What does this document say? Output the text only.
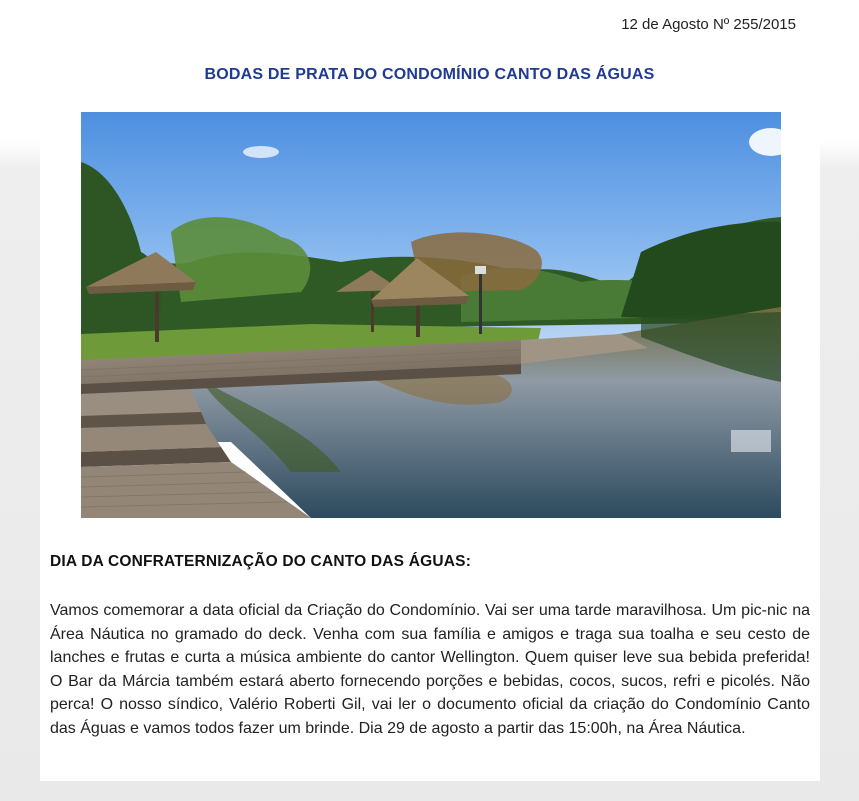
12 de Agosto Nº 255/2015
BODAS DE PRATA DO CONDOMÍNIO CANTO DAS ÁGUAS
DIA DA CONFRATERNIZAÇÃO DO CANTO DAS ÁGUAS:

Vamos comemorar a data oficial da Criação do Condomínio. Vai ser uma tarde maravilhosa. Um pic-nic na Área Náutica no gramado do deck. Venha com sua família e amigos e traga sua toalha e seu cesto de lanches e frutas e curta a música ambiente do cantor Wellington. Quem quiser leve sua bebida preferida! O Bar da Márcia também estará aberto fornecendo porções e bebidas, cocos, sucos, refri e picolés. Não perca! O nosso síndico, Valério Roberti Gil, vai ler o documento oficial da criação do Condomínio Canto das Águas e vamos todos fazer um brinde. Dia 29 de agosto a partir das 15:00h, na Área Náutica.
